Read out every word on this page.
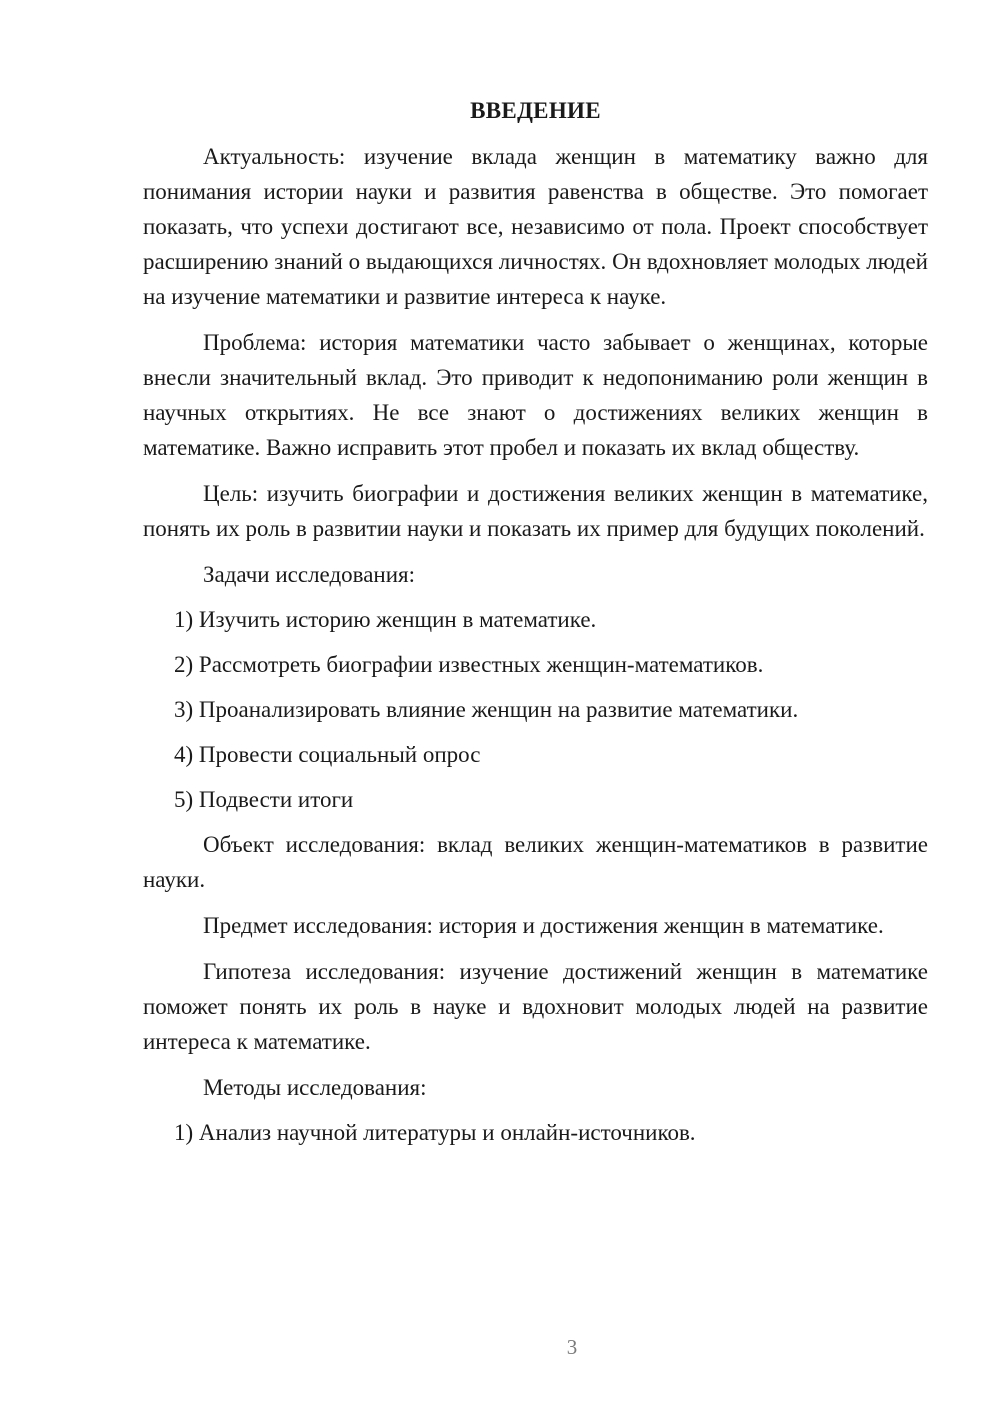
ВВЕДЕНИЕ

Актуальность: изучение вклада женщин в математику важно для понимания истории науки и развития равенства в обществе. Это помогает показать, что успехи достигают все, независимо от пола. Проект способствует расширению знаний о выдающихся личностях. Он вдохновляет молодых людей на изучение математики и развитие интереса к науке.

Проблема: история математики часто забывает о женщинах, которые внесли значительный вклад. Это приводит к недопониманию роли женщин в научных открытиях. Не все знают о достижениях великих женщин в математике. Важно исправить этот пробел и показать их вклад обществу.

Цель: изучить биографии и достижения великих женщин в математике, понять их роль в развитии науки и показать их пример для будущих поколений.

Задачи исследования:

1) Изучить историю женщин в математике.

2) Рассмотреть биографии известных женщин-математиков.

3) Проанализировать влияние женщин на развитие математики.

4) Провести социальный опрос

5) Подвести итоги

Объект исследования: вклад великих женщин-математиков в развитие науки.

Предмет исследования: история и достижения женщин в математике.

Гипотеза исследования: изучение достижений женщин в математике поможет понять их роль в науке и вдохновит молодых людей на развитие интереса к математике.

Методы исследования:

1) Анализ научной литературы и онлайн-источников.

3
